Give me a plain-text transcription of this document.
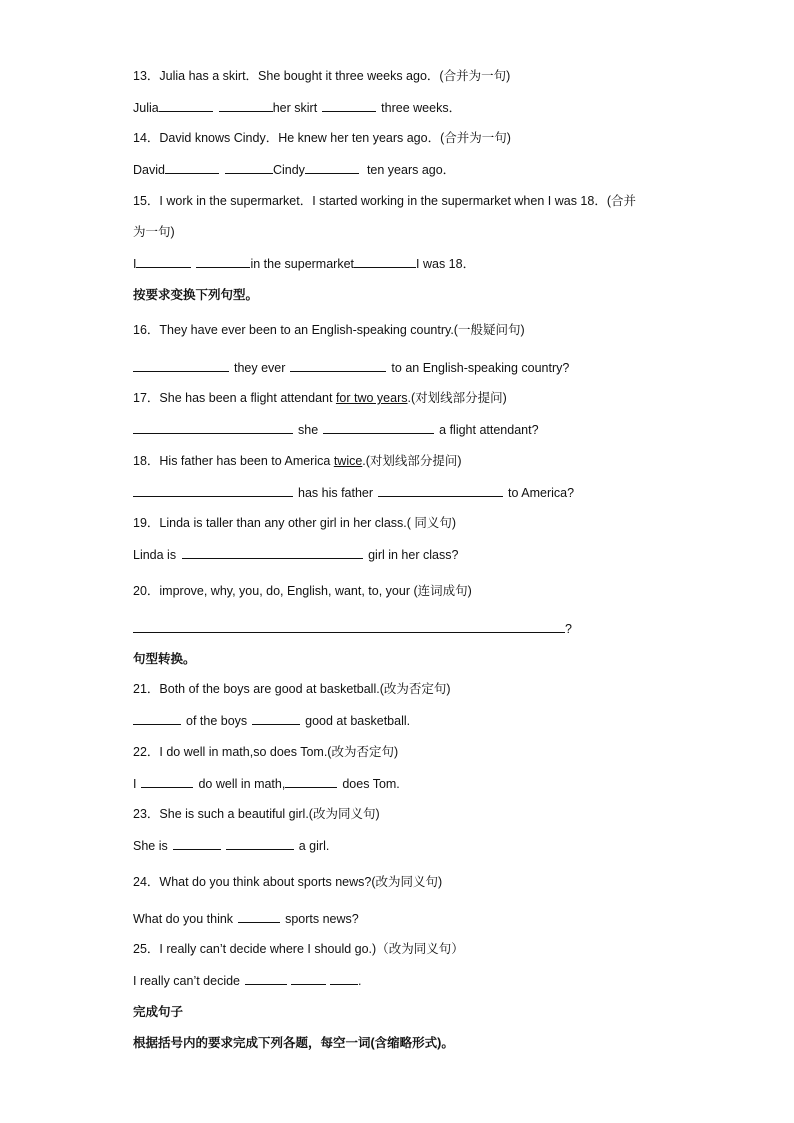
13．Julia has a skirt．She bought it three weeks ago．(合并为一句)
Julia	her skirt	three weeks．
14．David knows Cindy．He knew her ten years ago．(合并为一句)
David	Cindy	ten years ago．
15．I work in the supermarket．I started working in the supermarket when I was 18．(合并
为一句)
I	in the supermarket	I was 18．
按要求变换下列句型。
16．They have ever been to an English-speaking country.(一般疑问句)
they ever	to an English-speaking country?
17．She has been a flight attendant for two years.(对划线部分提问)
she	a flight attendant?
18．His father has been to America twice.(对划线部分提问)
has his father	to America?
19．Linda is taller than any other girl in her class.( 同义句)
Linda is	girl in her class?
20．improve, why, you, do, English, want, to, your (连词成句)
?
句型转换。
21．Both of the boys are good at basketball.(改为否定句)
of the boys	good at basketball.
22．I do well in math,so does Tom.(改为否定句)
I	do well in math,	does Tom.
23．She is such a beautiful girl.(改为同义句)
She is	a girl.
24．What do you think about sports news?(改为同义句)
What do you think	sports news?
25．I really can’t decide where I should go.)（改为同义句）
I really can’t decide	.
完成句子
根据括号内的要求完成下列各题，每空一词(含缩略形式)。
